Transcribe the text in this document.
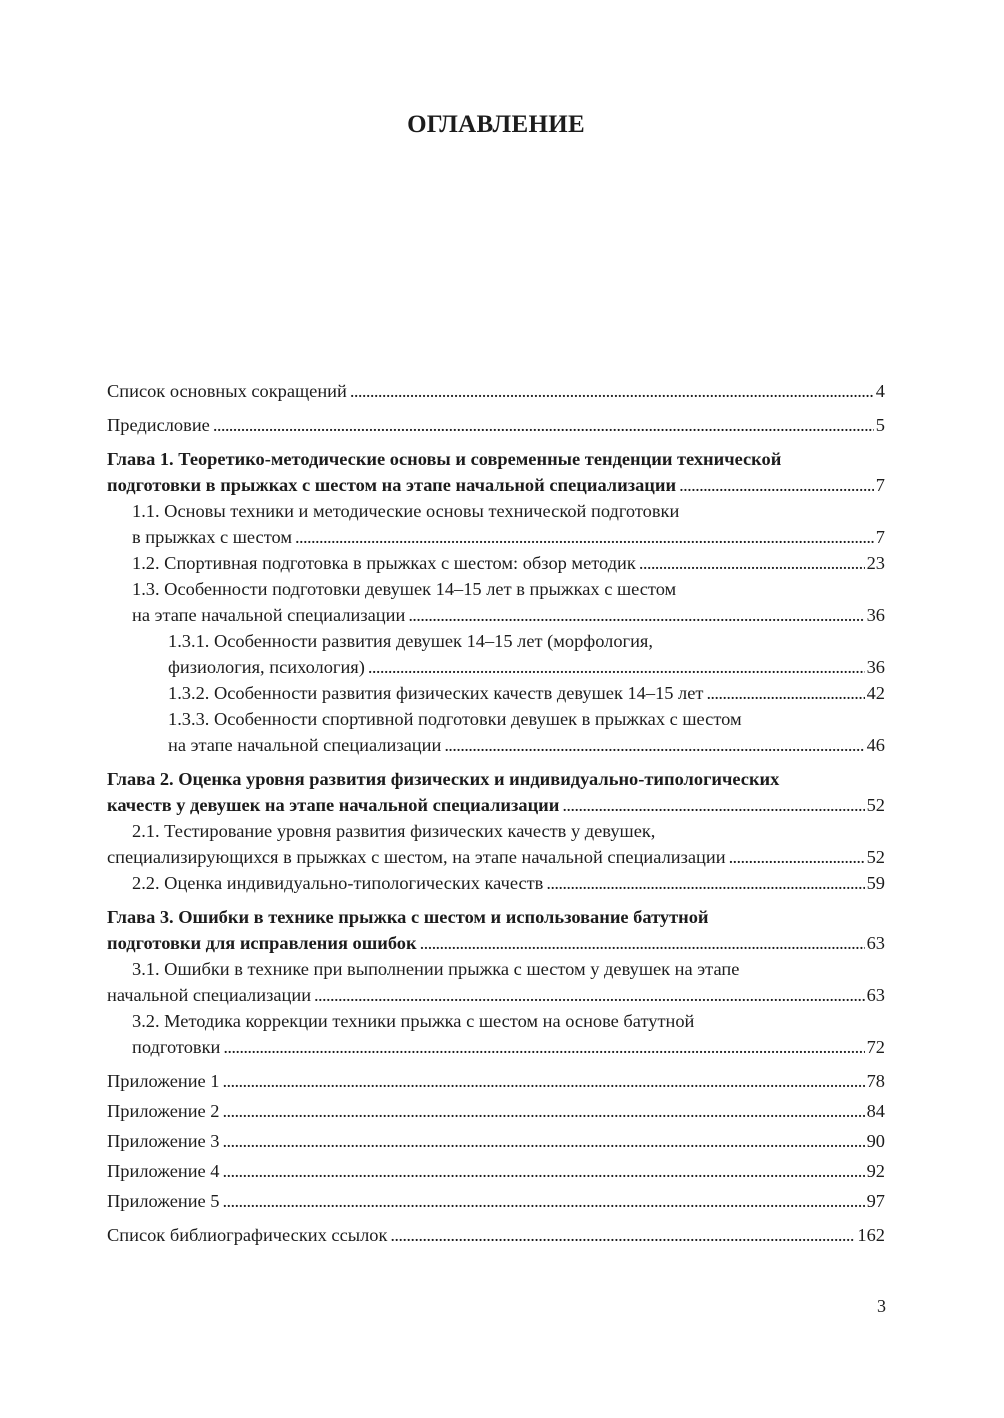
ОГЛАВЛЕНИЕ
Список основных сокращений . . .	4
Предисловие . . .	5
Глава 1. Теоретико-методические основы и современные тенденции технической
подготовки в прыжках с шестом на этапе начальной специализации . . .	7
1.1. Основы техники и методические основы технической подготовки
в прыжках с шестом . . .	7
1.2. Спортивная подготовка в прыжках с шестом: обзор методик . . .	23
1.3. Особенности подготовки девушек 14–15 лет в прыжках с шестом
на этапе начальной специализации . . .	36
1.3.1. Особенности развития девушек 14–15 лет (морфология,
физиология, психология) . . .	36
1.3.2. Особенности развития физических качеств девушек 14–15 лет . . .	42
1.3.3. Особенности спортивной подготовки девушек в прыжках с шестом
на этапе начальной специализации . . .	46
Глава 2. Оценка уровня развития физических и индивидуально-типологических
качеств у девушек на этапе начальной специализации . . .	52
2.1. Тестирование уровня развития физических качеств у девушек,
специализирующихся в прыжках с шестом, на этапе начальной специализации . . .	52
2.2. Оценка индивидуально-типологических качеств . . .	59
Глава 3. Ошибки в технике прыжка с шестом и использование батутной
подготовки для исправления ошибок . . .	63
3.1. Ошибки в технике при выполнении прыжка с шестом у девушек на этапе
начальной специализации . . .	63
3.2. Методика коррекции техники прыжка с шестом на основе батутной
подготовки . . .	72
Приложение 1 . . .	78
Приложение 2 . . .	84
Приложение 3 . . .	90
Приложение 4 . . .	92
Приложение 5 . . .	97
Список библиографических ссылок . . .	162
3
